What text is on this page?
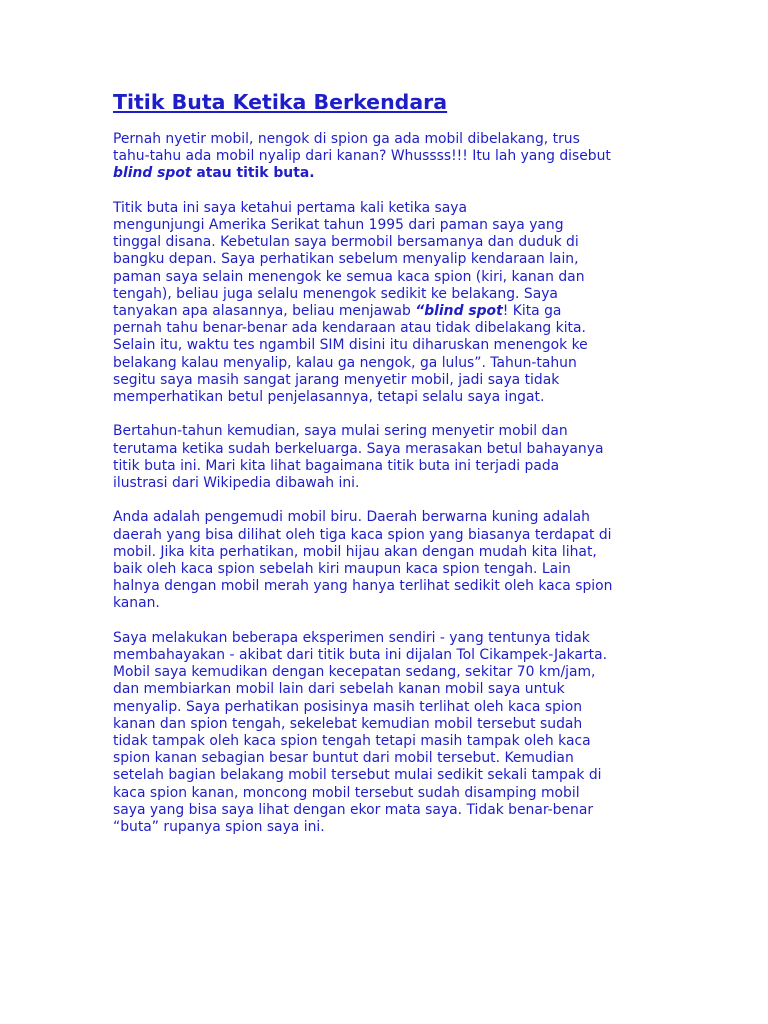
Titik Buta Ketika Berkendara
Pernah nyetir mobil, nengok di spion ga ada mobil dibelakang, trus
tahu-tahu ada mobil nyalip dari kanan? Whussss!!! Itu lah yang disebut
blind spot atau titik buta.
Titik buta ini saya ketahui pertama kali ketika saya
mengunjungi Amerika Serikat tahun 1995 dari paman saya yang
tinggal disana. Kebetulan saya bermobil bersamanya dan duduk di
bangku depan. Saya perhatikan sebelum menyalip kendaraan lain,
paman saya selain menengok ke semua kaca spion (kiri, kanan dan
tengah), beliau juga selalu menengok sedikit ke belakang. Saya
tanyakan apa alasannya, beliau menjawab “blind spot! Kita ga
pernah tahu benar-benar ada kendaraan atau tidak dibelakang kita.
Selain itu, waktu tes ngambil SIM disini itu diharuskan menengok ke
belakang kalau menyalip, kalau ga nengok, ga lulus”. Tahun-tahun
segitu saya masih sangat jarang menyetir mobil, jadi saya tidak
memperhatikan betul penjelasannya, tetapi selalu saya ingat.
Bertahun-tahun kemudian, saya mulai sering menyetir mobil dan
terutama ketika sudah berkeluarga. Saya merasakan betul bahayanya
titik buta ini. Mari kita lihat bagaimana titik buta ini terjadi pada
ilustrasi dari Wikipedia dibawah ini.
Anda adalah pengemudi mobil biru. Daerah berwarna kuning adalah
daerah yang bisa dilihat oleh tiga kaca spion yang biasanya terdapat di
mobil. Jika kita perhatikan, mobil hijau akan dengan mudah kita lihat,
baik oleh kaca spion sebelah kiri maupun kaca spion tengah. Lain
halnya dengan mobil merah yang hanya terlihat sedikit oleh kaca spion
kanan.
Saya melakukan beberapa eksperimen sendiri - yang tentunya tidak
membahayakan - akibat dari titik buta ini dijalan Tol Cikampek-Jakarta.
Mobil saya kemudikan dengan kecepatan sedang, sekitar 70 km/jam,
dan membiarkan mobil lain dari sebelah kanan mobil saya untuk
menyalip. Saya perhatikan posisinya masih terlihat oleh kaca spion
kanan dan spion tengah, sekelebat kemudian mobil tersebut sudah
tidak tampak oleh kaca spion tengah tetapi masih tampak oleh kaca
spion kanan sebagian besar buntut dari mobil tersebut. Kemudian
setelah bagian belakang mobil tersebut mulai sedikit sekali tampak di
kaca spion kanan, moncong mobil tersebut sudah disamping mobil
saya yang bisa saya lihat dengan ekor mata saya. Tidak benar-benar
“buta” rupanya spion saya ini.
